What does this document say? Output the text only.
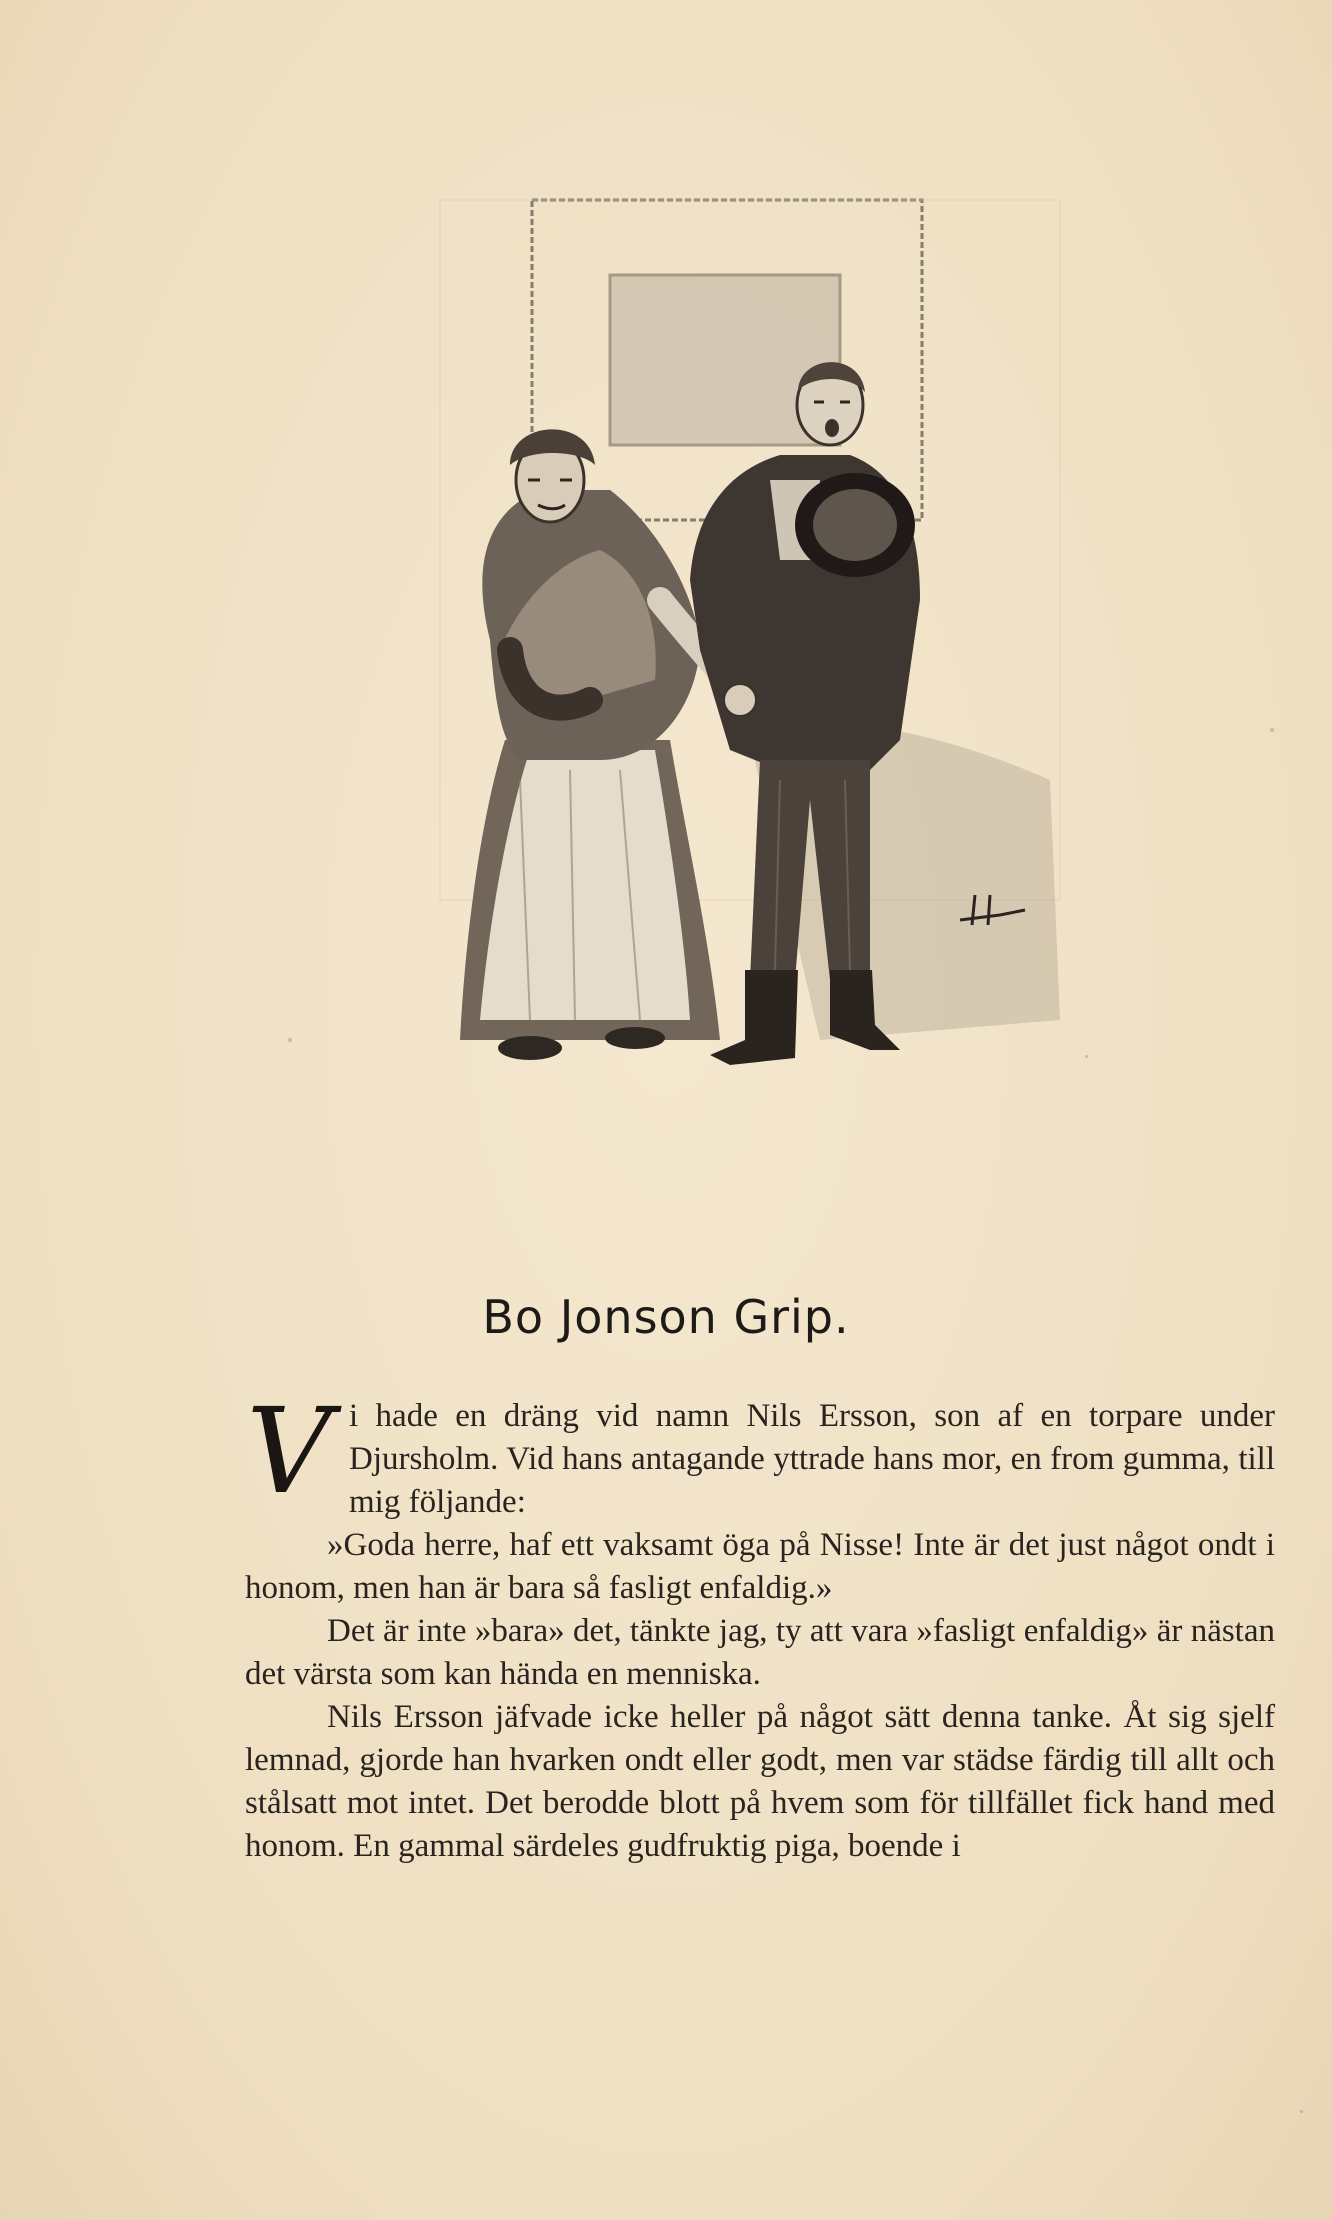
Bo Jonson Grip.
V i hade en dräng vid namn Nils Ersson, son af en torpare under Djursholm. Vid hans antagande yttrade hans mor, en from gumma, till mig följande:

»Goda herre, haf ett vaksamt öga på Nisse! Inte är det just något ondt i honom, men han är bara så fasligt enfaldig.»

Det är inte »bara» det, tänkte jag, ty att vara »fasligt enfaldig» är nästan det värsta som kan hända en menniska.

Nils Ersson jäfvade icke heller på något sätt denna tanke. Åt sig sjelf lemnad, gjorde han hvarken ondt eller godt, men var städse färdig till allt och stålsatt mot intet. Det berodde blott på hvem som för tillfället fick hand med honom. En gammal särdeles gudfruktig piga, boende i
